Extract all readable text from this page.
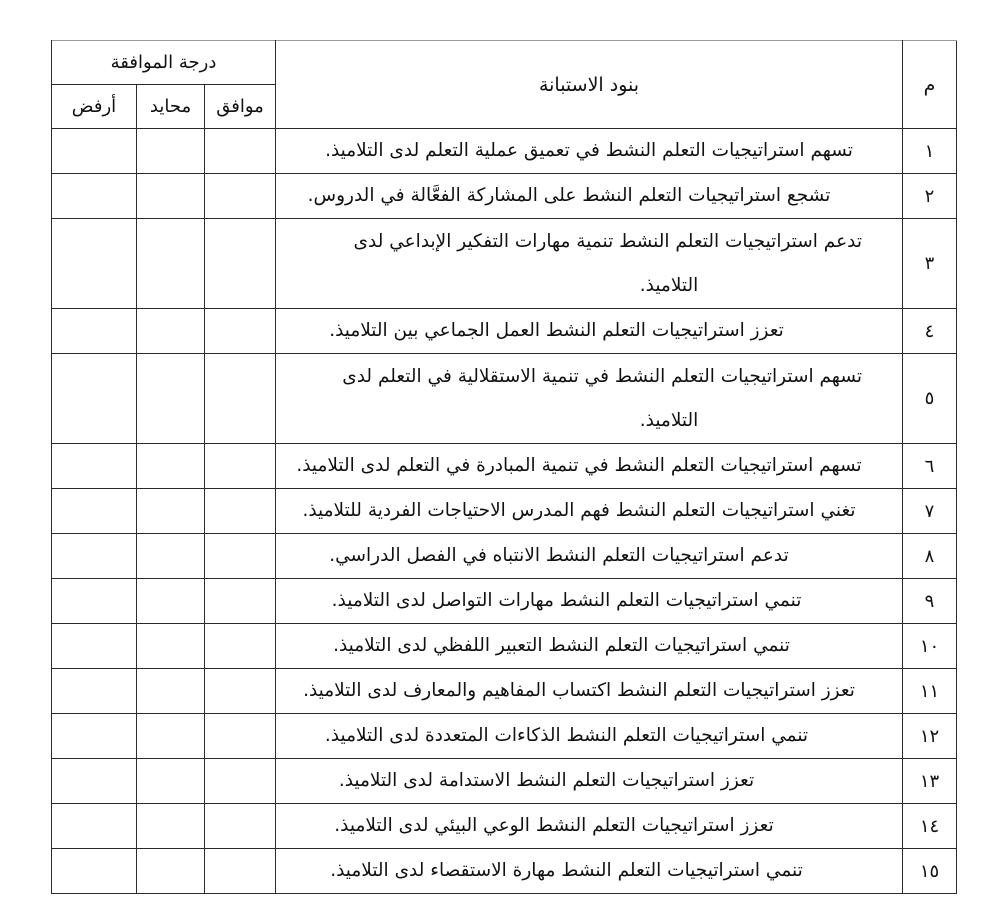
م	بنود الاستبانة	درجة الموافقة		
		موافق	محايد	أرفض
١	تسهم استراتيجيات التعلم النشط في تعميق عملية التعلم لدى التلاميذ.			
٢	تشجع استراتيجيات التعلم النشط على المشاركة الفعَّالة في الدروس.			
٣	تدعم استراتيجيات التعلم النشط تنمية مهارات التفكير الإبداعي لدى
التلاميذ.			

٤	تعزز استراتيجيات التعلم النشط العمل الجماعي بين التلاميذ.			
٥	تسهم استراتيجيات التعلم النشط في تنمية الاستقلالية في التعلم لدى
التلاميذ.			

٦	تسهم استراتيجيات التعلم النشط في تنمية المبادرة في التعلم لدى التلاميذ.			
٧	تغني استراتيجيات التعلم النشط فهم المدرس الاحتياجات الفردية للتلاميذ.			
٨	تدعم استراتيجيات التعلم النشط الانتباه في الفصل الدراسي.			
٩	تنمي استراتيجيات التعلم النشط مهارات التواصل لدى التلاميذ.			
١٠	تنمي استراتيجيات التعلم النشط التعبير اللفظي لدى التلاميذ.			
١١	تعزز استراتيجيات التعلم النشط اكتساب المفاهيم والمعارف لدى التلاميذ.			
١٢	تنمي استراتيجيات التعلم النشط الذكاءات المتعددة لدى التلاميذ.			
١٣	تعزز استراتيجيات التعلم النشط الاستدامة لدى التلاميذ.			
١٤	تعزز استراتيجيات التعلم النشط الوعي البيئي لدى التلاميذ.			
١٥	تنمي استراتيجيات التعلم النشط مهارة الاستقصاء لدى التلاميذ.			
